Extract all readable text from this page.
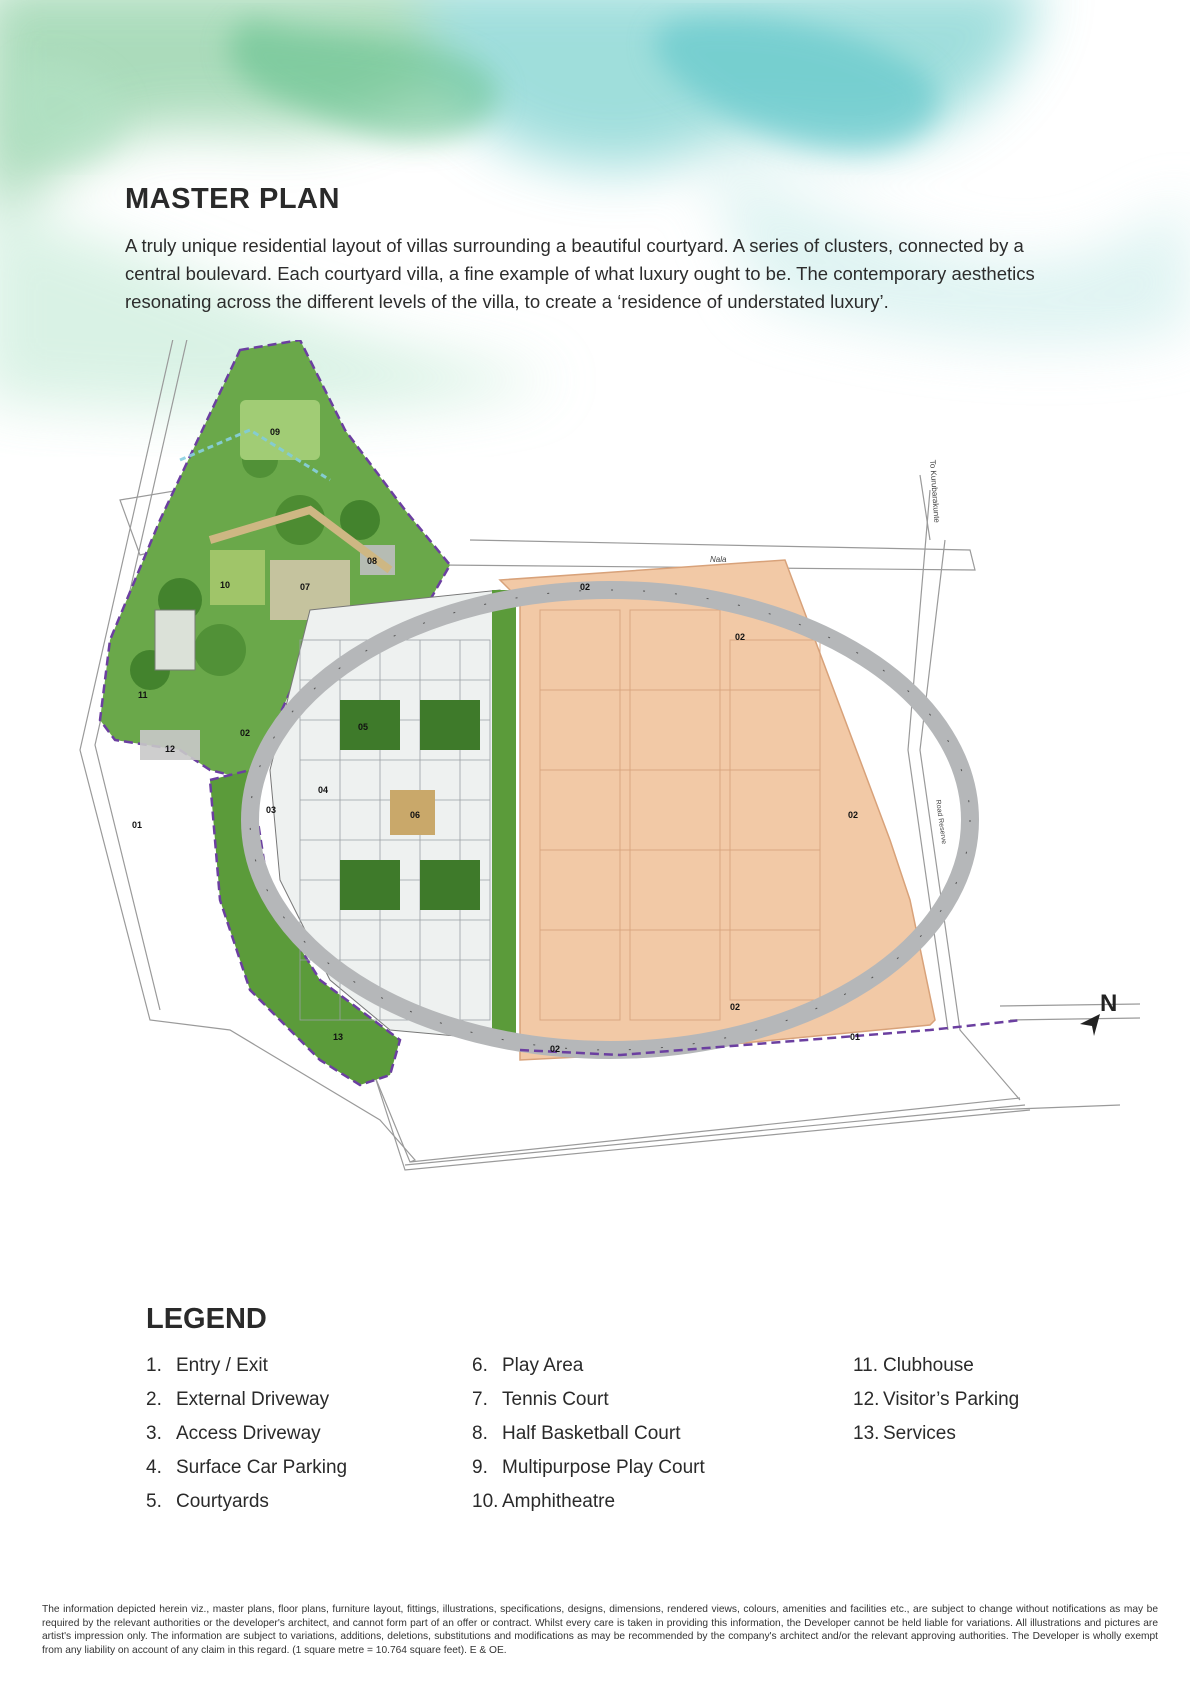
MASTER PLAN

A truly unique residential layout of villas surrounding a beautiful courtyard. A series of clusters, connected by a central boulevard. Each courtyard villa, a fine example of what luxury ought to be. The contemporary aesthetics resonating across the different levels of the villa, to create a ‘residence of understated luxury’.

01
01
02
02
02
02
02
02
03
04
05
06
07
08
09
10
11
12
13
To Kurubarakunte
Nala
Road Reserve
N
LEGEND
1. Entry / Exit
2. External Driveway
3. Access Driveway
4. Surface Car Parking
5. Courtyards
6. Play Area
7. Tennis Court
8. Half Basketball Court
9. Multipurpose Play Court
10. Amphitheatre
11. Clubhouse
12. Visitor’s Parking
13. Services

The information depicted herein viz., master plans, floor plans, furniture layout, fittings, illustrations, specifications, designs, dimensions, rendered views, colours, amenities and facilities etc., are subject to change without notifications as may be required by the relevant authorities or the developer's architect, and cannot form part of an offer or contract. Whilst every care is taken in providing this information, the Developer cannot be held liable for variations. All illustrations and pictures are artist's impression only. The information are subject to variations, additions, deletions, substitutions and modifications as may be recommended by the company's architect and/or the relevant approving authorities. The Developer is wholly exempt from any liability on account of any claim in this regard. (1 square metre = 10.764 square feet). E & OE.
